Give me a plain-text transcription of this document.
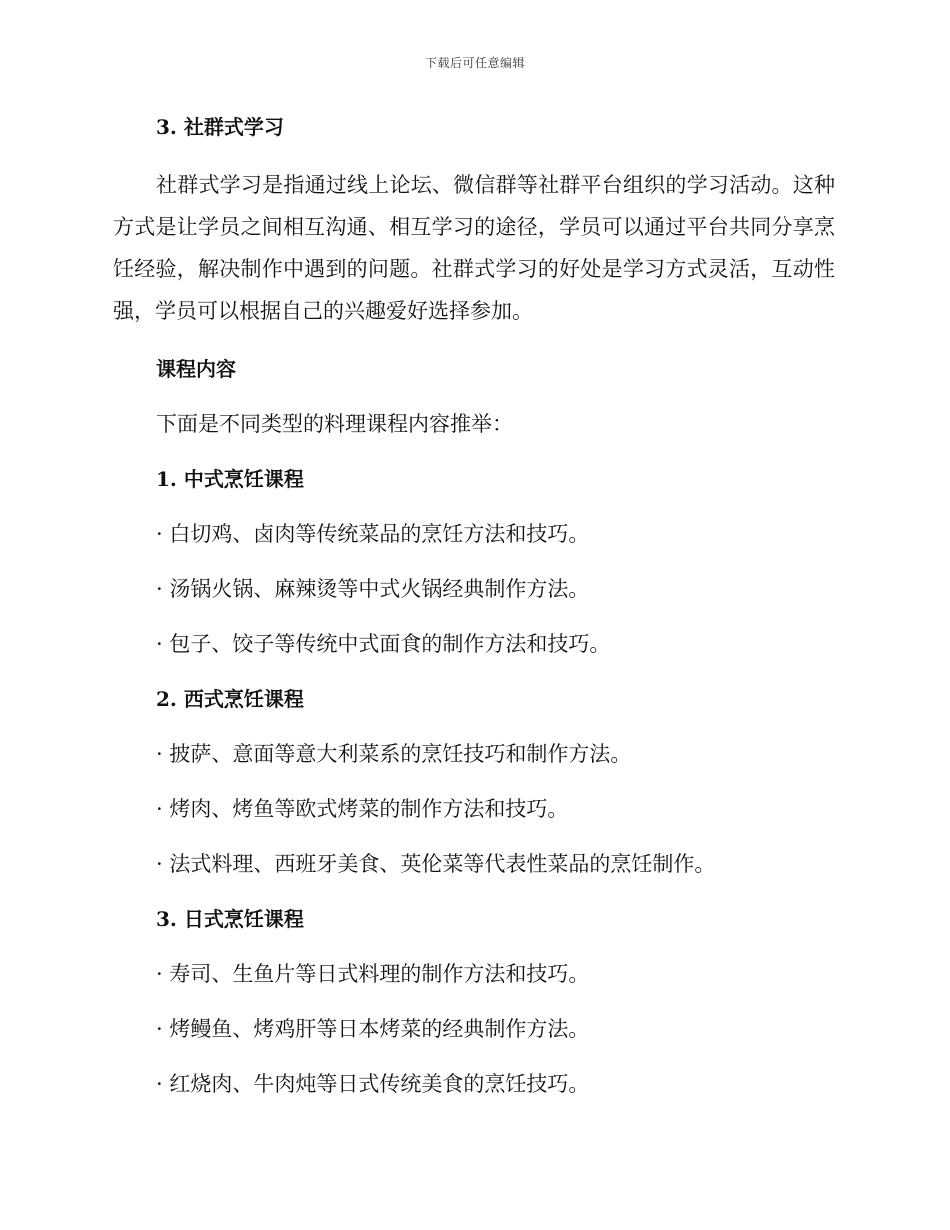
下载后可任意编辑
3. 社群式学习

社群式学习是指通过线上论坛、微信群等社群平台组织的学习活动。这种方式是让学员之间相互沟通、相互学习的途径，学员可以通过平台共同分享烹饪经验，解决制作中遇到的问题。社群式学习的好处是学习方式灵活，互动性强，学员可以根据自己的兴趣爱好选择参加。

课程内容

下面是不同类型的料理课程内容推举：

1. 中式烹饪课程

· 白切鸡、卤肉等传统菜品的烹饪方法和技巧。

· 汤锅火锅、麻辣烫等中式火锅经典制作方法。

· 包子、饺子等传统中式面食的制作方法和技巧。

2. 西式烹饪课程

· 披萨、意面等意大利菜系的烹饪技巧和制作方法。

· 烤肉、烤鱼等欧式烤菜的制作方法和技巧。

· 法式料理、西班牙美食、英伦菜等代表性菜品的烹饪制作。

3. 日式烹饪课程

· 寿司、生鱼片等日式料理的制作方法和技巧。

· 烤鳗鱼、烤鸡肝等日本烤菜的经典制作方法。

· 红烧肉、牛肉炖等日式传统美食的烹饪技巧。
